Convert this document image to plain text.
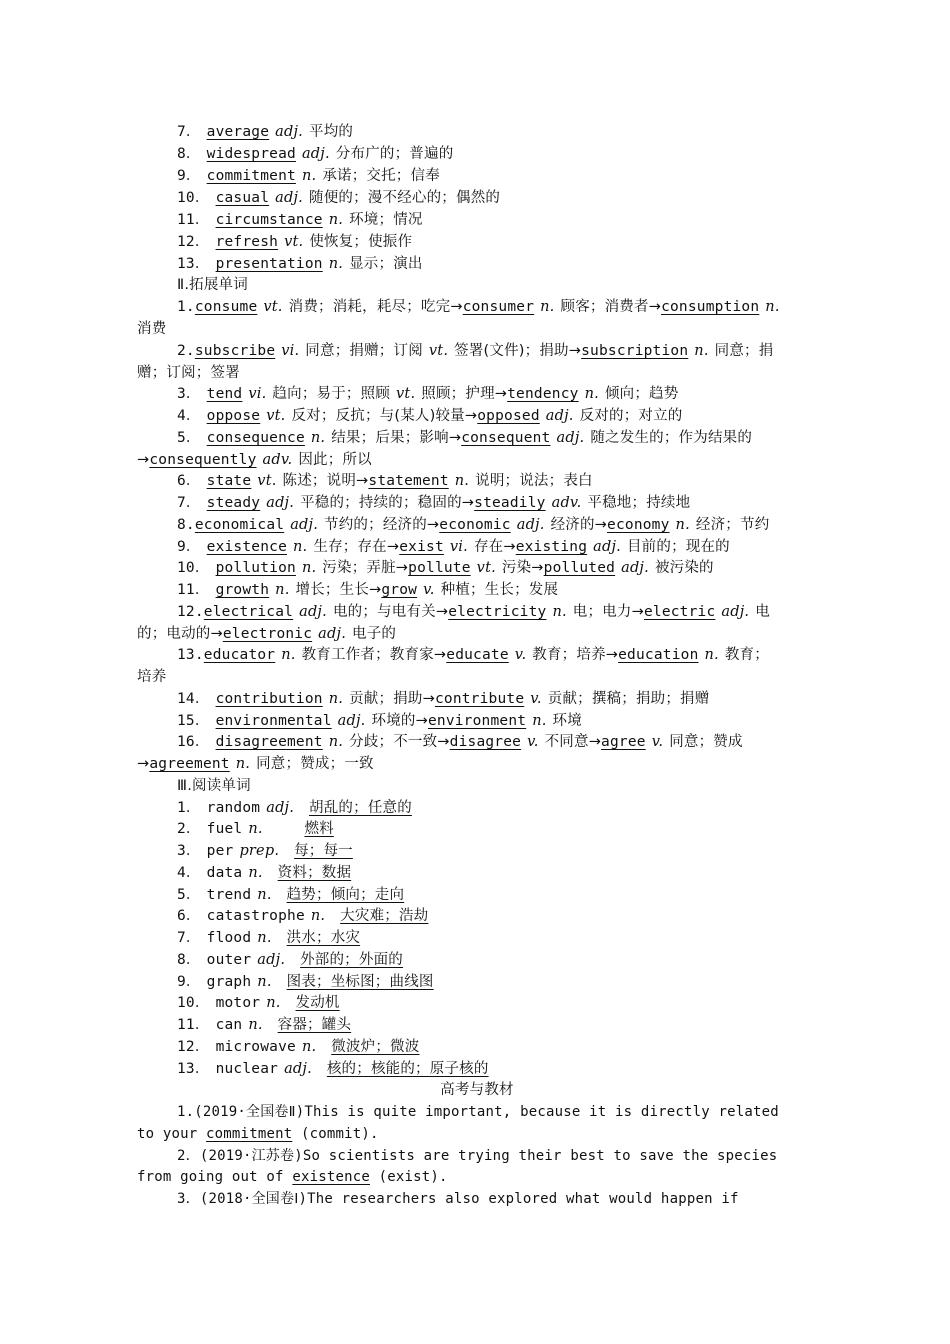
7． average adj. 平均的
8． widespread adj. 分布广的；普遍的
9． commitment n. 承诺；交托；信奉
10． casual adj. 随便的；漫不经心的；偶然的
11． circumstance n. 环境；情况
12． refresh vt. 使恢复；使振作
13． presentation n. 显示；演出
Ⅱ.拓展单词
1.consume vt. 消费；消耗，耗尽；吃完→consumer n. 顾客；消费者→consumption n.
消费
2.subscribe vi. 同意；捐赠；订阅 vt. 签署(文件)；捐助→subscription n. 同意；捐
赠；订阅；签署
3． tend vi. 趋向；易于；照顾 vt. 照顾；护理→tendency n. 倾向；趋势
4． oppose vt. 反对；反抗；与(某人)较量→opposed adj. 反对的；对立的
5． consequence n. 结果；后果；影响→consequent adj. 随之发生的；作为结果的
→consequently adv. 因此；所以
6． state vt. 陈述；说明→statement n. 说明；说法；表白
7． steady adj. 平稳的；持续的；稳固的→steadily adv. 平稳地；持续地
8.economical adj. 节约的；经济的→economic adj. 经济的→economy n. 经济；节约
9． existence n. 生存；存在→exist vi. 存在→existing adj. 目前的；现在的
10． pollution n. 污染；弄脏→pollute vt. 污染→polluted adj. 被污染的
11． growth n. 增长；生长→grow v. 种植；生长；发展
12.electrical adj. 电的；与电有关→electricity n. 电；电力→electric adj. 电
的；电动的→electronic adj. 电子的
13.educator n. 教育工作者；教育家→educate v. 教育；培养→education n. 教育；
培养
14． contribution n. 贡献；捐助→contribute v. 贡献；撰稿；捐助；捐赠
15． environmental adj. 环境的→environment n. 环境
16． disagreement n. 分歧；不一致→disagree v. 不同意→agree v. 同意；赞成
→agreement n. 同意；赞成；一致
Ⅲ.阅读单词
1． random adj. 胡乱的；任意的
2． fuel n.	燃料
3． per prep. 每；每一
4． data n. 资料；数据
5． trend n. 趋势；倾向；走向
6． catastrophe n. 大灾难；浩劫
7． flood n. 洪水；水灾
8． outer adj. 外部的；外面的
9． graph n. 图表；坐标图；曲线图
10． motor n. 发动机
11． can n. 容器；罐头
12． microwave n. 微波炉；微波
13． nuclear adj. 核的；核能的；原子核的
高考与教材
1.(2019·全国卷Ⅱ)This is quite important, because it is directly related
to your commitment (commit).
2．(2019·江苏卷)So scientists are trying their best to save the species
from going out of existence (exist).
3．(2018·全国卷Ⅰ)The researchers also explored what would happen if
